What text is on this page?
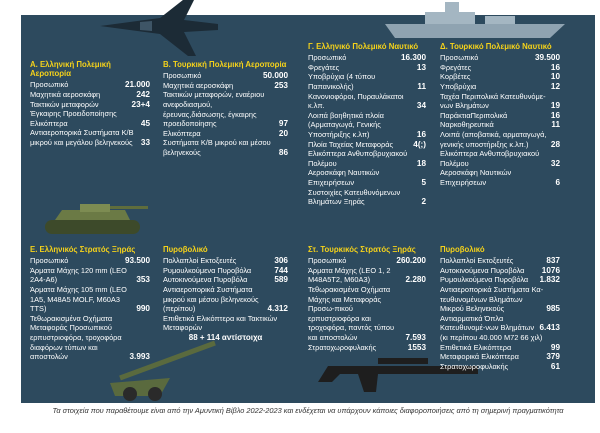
Α. Ελληνική Πολεμική Αεροπορία
Προσωπικό	21.000
Μαχητικά αεροσκάφη	242
Τακτικών μεταφορών	23+4
Έγκαιρης Προειδοποίησης Ελικόπτερα	45
Αντιαεροπορικά Συστήματα Κ/Β μικρού και μεγάλου βεληνεκούς	33
Β. Τουρκική Πολεμική Αεροπορία
Προσωπικό	50.000
Μαχητικά αεροσκάφη	253
Τακτικών μεταφορών, εναέριου ανεφοδιασμού, έρευνας,διάσωσης, έγκαιρης προειδοποίησης	97
Ελικόπτερα	20
Συστήματα Κ/Β μικρού και μέσου βεληνεκούς	86
Γ. Ελληνικό Πολεμικό Ναυτικό
Προσωπικό	16.300
Φρεγάτες	13
Υποβρύχια (4 τύπου Παπανικολής)	11
Κανονιοφόροι, Πυραυλάκατοι κ.λπ.	34
Λοιπά βοηθητικά πλοία (Αρματαγωγά, Γενικής Υποστήριξης κ.λπ)	16
Πλοία Ταχείας Μεταφοράς	4(;)
Ελικόπτερα Ανθυποβρυχιακού Πολέμου	18
Αεροσκάφη Ναυτικών Επιχειρήσεων	5
Συστοιχίες Κατευθυνόμενων Βλημάτων Ξηράς	2
Δ. Τουρκικό Πολεμικό Ναυτικό
Προσωπικό	39.500
Φρεγάτες	16
Κορβέτες	10
Υποβρύχια	12
Ταχέα Περιπολικά Κατευθυνόμε-νων Βλημάτων	19
ΠαράκτιαΠεριπολικά	16
Ναρκοθηρευτικά	11
Λοιπά (αποβατικά, αρματαγωγά, γενικής υποστήριξης κ.λπ.)	28
Ελικόπτερα Ανθυποβρυχιακού Πολέμου	32
Αεροσκάφη Ναυτικών Επιχειρήσεων	6
Ε. Ελληνικός Στρατός Ξηράς
Προσωπικό	93.500
Άρματα Μάχης 120 mm (LEO 2A4-A6)	353
Άρματα Μάχης 105 mm (LEO 1A5, M48A5 MOLF, M60A3 TTS)	990
Τεθωρακισμένα Οχήματα Μεταφοράς Προσωπικού ερπυστριοφόρα, τροχοφόρα διαφόρων τύπων και αποστολών	3.993
Πυροβολικό
Πολλαπλοί Εκτοξευτές	306
Ρυμουλκούμενα Πυροβόλα	744
Αυτοκινούμενα Πυροβόλα	589
Αντιαεροπορικά Συστήματα μικρού και μέσου βεληνεκούς (περίπου)	4.312
Επιθετικά Ελικόπτερα και Τακτικών Μεταφορών
88 + 114 αντίστοιχα
Στ. Τουρκικός Στρατός Ξηράς
Προσωπικό	260.200
Άρματα Μάχης (LEO 1, 2 M48A5T2, M60A3)	2.280
Τεθωρακισμένα Οχήματα Μάχης και Μεταφοράς Προσω-πικού ερπυστριοφόρα και τροχοφόρα, παντός τύπου και αποστολών	7.593
Στρατοχωροφυλακής	1553
Πυροβολικό
Πολλαπλοί Εκτοξευτές	837
Αυτοκινούμενα Πυροβόλα	1076
Ρυμουλκούμενα Πυροβόλα	1.832
Αντιαεροπορικά Συστήματα Κα-τευθυνομένων Βλημάτων Μικρού Βεληνεκούς	985
Αντιαρματικά Όπλα Κατευθυνομέ-νων Βλημάτων 6.413
(κι περίπου 40.000 Μ72 66 χιλ)
Επιθετικά Ελικόπτερα	99
Μεταφορικά Ελικόπτερα	379
Στρατοχωροφυλακής	61
Τα στοιχεία που παραθέτουμε είναι από την Αμυντική Βίβλο 2022-2023 και ενδέχεται να υπάρχουν κάποιες διαφοροποιήσεις από τη σημερινή πραγματικότητα
